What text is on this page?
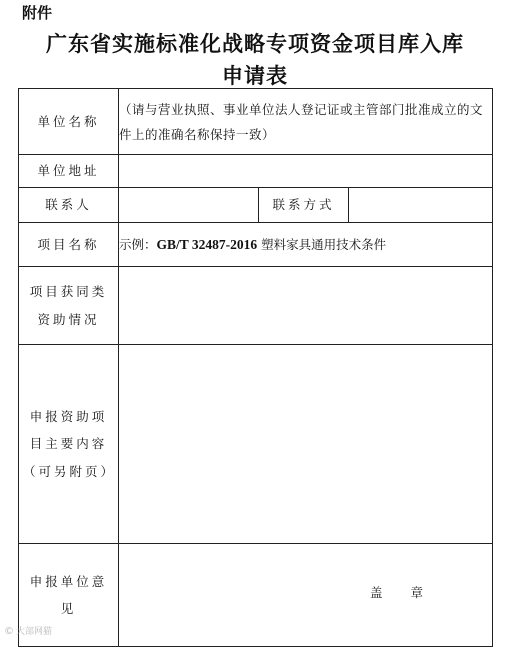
附件
广东省实施标准化战略专项资金项目库入库
申请表
单位名称	（请与营业执照、事业单位法人登记证或主管部门批准成立的文件上的准确名称保持一致）		

单位地址			
联系人		联系方式	
项目名称	示例：GB/T 32487-2016 塑料家具通用技术条件		
项目获同类资助情况			
申报资助项目主要内容（可另附页）			
申报单位意见			
盖 章
© 大部网猫
